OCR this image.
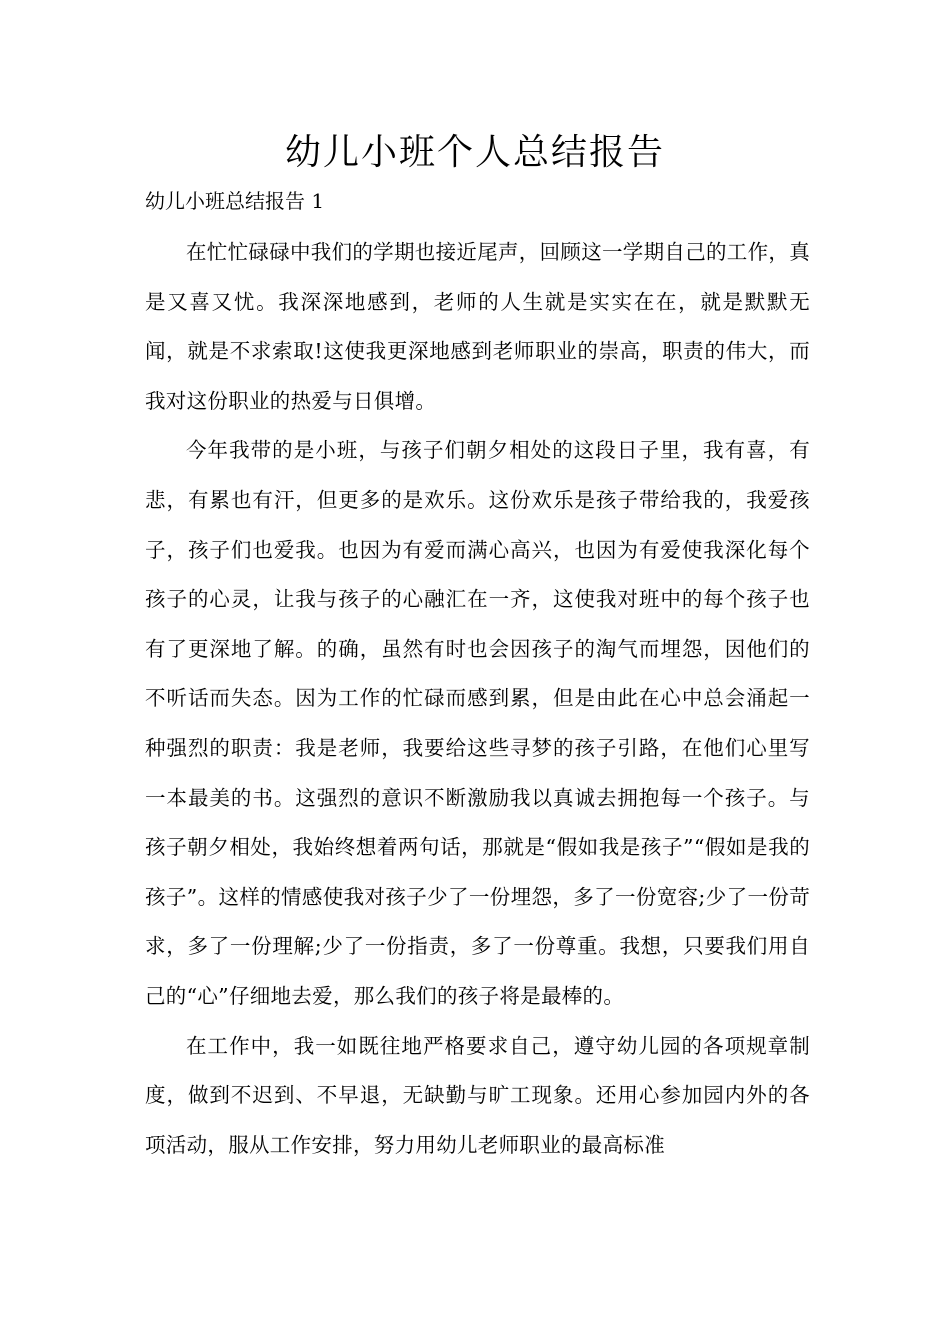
幼儿小班个人总结报告
幼儿小班总结报告 1

在忙忙碌碌中我们的学期也接近尾声，回顾这一学期自己的工作，真是又喜又忧。我深深地感到，老师的人生就是实实在在，就是默默无闻，就是不求索取!这使我更深地感到老师职业的崇高，职责的伟大，而我对这份职业的热爱与日俱增。

今年我带的是小班，与孩子们朝夕相处的这段日子里，我有喜，有悲，有累也有汗，但更多的是欢乐。这份欢乐是孩子带给我的，我爱孩子，孩子们也爱我。也因为有爱而满心高兴，也因为有爱使我深化每个孩子的心灵，让我与孩子的心融汇在一齐，这使我对班中的每个孩子也有了更深地了解。的确，虽然有时也会因孩子的淘气而埋怨，因他们的不听话而失态。因为工作的忙碌而感到累，但是由此在心中总会涌起一种强烈的职责：我是老师，我要给这些寻梦的孩子引路，在他们心里写一本最美的书。这强烈的意识不断激励我以真诚去拥抱每一个孩子。与孩子朝夕相处，我始终想着两句话，那就是“假如我是孩子”“假如是我的孩子”。这样的情感使我对孩子少了一份埋怨，多了一份宽容;少了一份苛求，多了一份理解;少了一份指责，多了一份尊重。我想，只要我们用自己的“心”仔细地去爱，那么我们的孩子将是最棒的。

在工作中，我一如既往地严格要求自己，遵守幼儿园的各项规章制度，做到不迟到、不早退，无缺勤与旷工现象。还用心参加园内外的各项活动，服从工作安排，努力用幼儿老师职业的最高标准
